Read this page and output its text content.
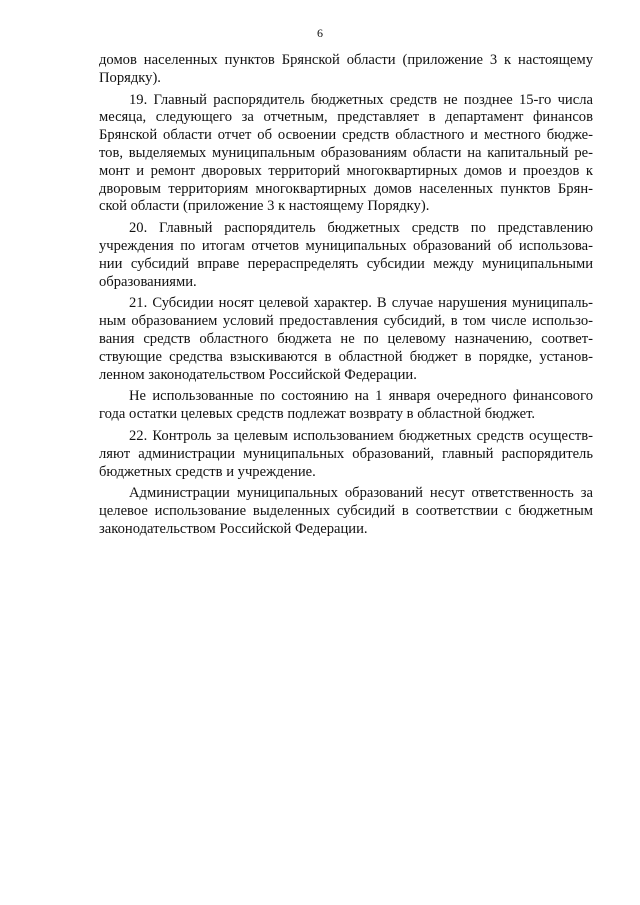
6
домов населенных пунктов Брянской области (приложение 3 к настоящему
Порядку).
19. Главный распорядитель бюджетных средств не позднее 15-го числа
месяца, следующего за отчетным, представляет в департамент финансов
Брянской области отчет об освоении средств областного и местного бюдже-
тов, выделяемых муниципальным образованиям области на капитальный ре-
монт и ремонт дворовых территорий многоквартирных домов и проездов к
дворовым территориям многоквартирных домов населенных пунктов Брян-
ской области (приложение 3 к настоящему Порядку).
20. Главный распорядитель бюджетных средств по представлению
учреждения по итогам отчетов муниципальных образований об использова-
нии субсидий вправе перераспределять субсидии между муниципальными
образованиями.
21. Субсидии носят целевой характер. В случае нарушения муниципаль-
ным образованием условий предоставления субсидий, в том числе использо-
вания средств областного бюджета не по целевому назначению, соответ-
ствующие средства взыскиваются в областной бюджет в порядке, установ-
ленном законодательством Российской Федерации.
Не использованные по состоянию на 1 января очередного финансового
года остатки целевых средств подлежат возврату в областной бюджет.
22. Контроль за целевым использованием бюджетных средств осуществ-
ляют администрации муниципальных образований, главный распорядитель
бюджетных средств и учреждение.
Администрации муниципальных образований несут ответственность за
целевое использование выделенных субсидий в соответствии с бюджетным
законодательством Российской Федерации.
